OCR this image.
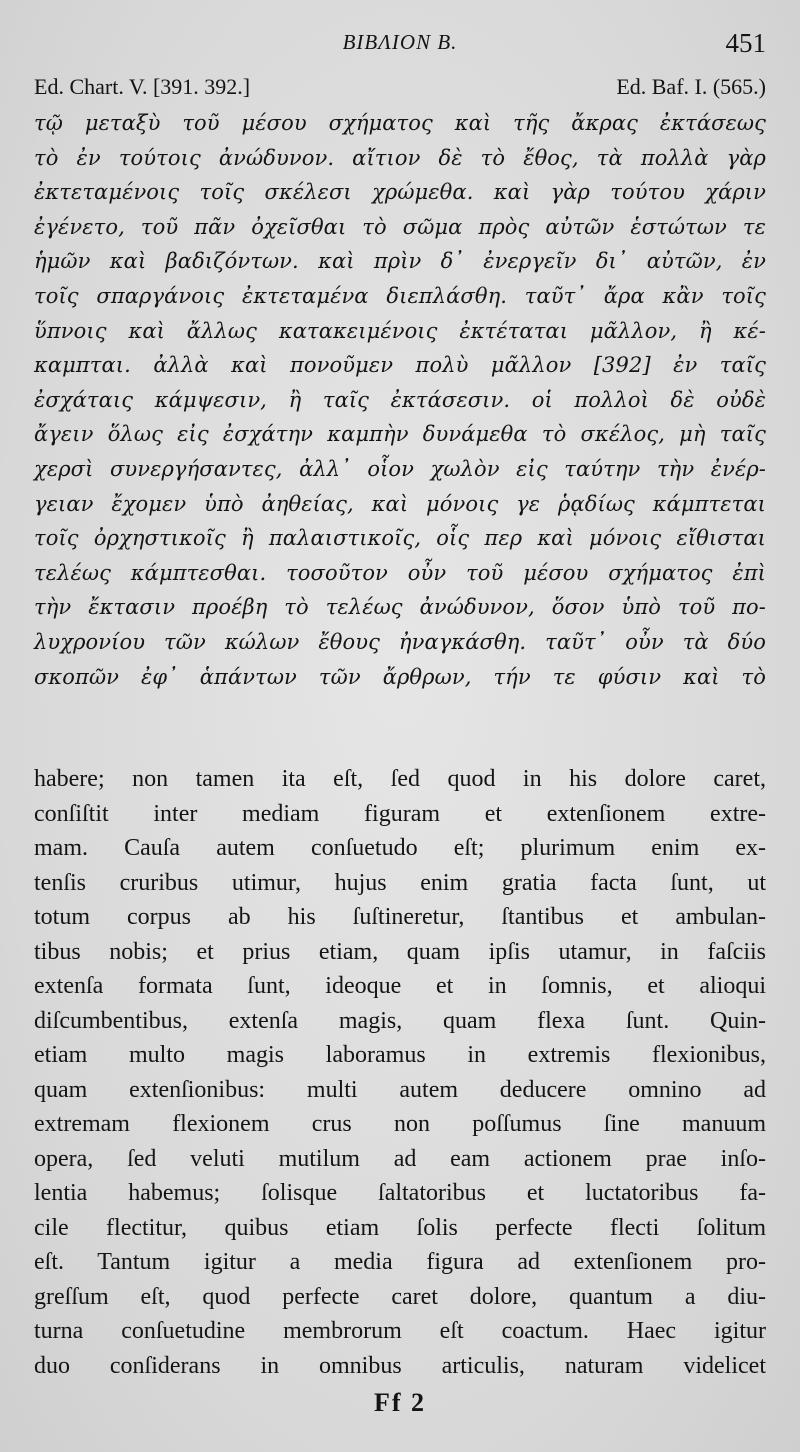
ΒΙΒΛΙΟΝ Β.	451
Ed. Chart. V. [391. 392.]	Ed. Baf. I. (565.)
τῷ μεταξὺ τοῦ μέσου σχήματος καὶ τῆς ἄκρας ἐκτάσεως
τὸ ἐν τούτοις ἀνώδυνον. αἴτιον δὲ τὸ ἔθος, τὰ πολλὰ γὰρ
ἐκτεταμένοις τοῖς σκέλεσι χρώμεθα. καὶ γὰρ τούτου χάριν
ἐγένετο, τοῦ πᾶν ὀχεῖσθαι τὸ σῶμα πρὸς αὐτῶν ἑστώτων τε
ἡμῶν καὶ βαδιζόντων. καὶ πρὶν δ᾽ ἐνεργεῖν δι᾽ αὐτῶν, ἐν
τοῖς σπαργάνοις ἐκτεταμένα διεπλάσθη. ταῦτ᾽ ἄρα κἂν τοῖς
ὕπνοις καὶ ἄλλως κατακειμένοις ἐκτέταται μᾶλλον, ἢ κέ-
καμπται. ἀλλὰ καὶ πονοῦμεν πολὺ μᾶλλον [392] ἐν ταῖς
ἐσχάταις κάμψεσιν, ἢ ταῖς ἐκτάσεσιν. οἱ πολλοὶ δὲ οὐδὲ
ἄγειν ὅλως εἰς ἐσχάτην καμπὴν δυνάμεθα τὸ σκέλος, μὴ ταῖς
χερσὶ συνεργήσαντες, ἀλλ᾽ οἷον χωλὸν εἰς ταύτην τὴν ἐνέρ-
γειαν ἔχομεν ὑπὸ ἀηθείας, καὶ μόνοις γε ῥᾳδίως κάμπτεται
τοῖς ὀρχηστικοῖς ἢ παλαιστικοῖς, οἷς περ καὶ μόνοις εἴθισται
τελέως κάμπτεσθαι. τοσοῦτον οὖν τοῦ μέσου σχήματος ἐπὶ
τὴν ἔκτασιν προέβη τὸ τελέως ἀνώδυνον, ὅσον ὑπὸ τοῦ πο-
λυχρονίου τῶν κώλων ἔθους ἠναγκάσθη. ταῦτ᾽ οὖν τὰ δύο
σκοπῶν ἐφ᾽ ἁπάντων τῶν ἄρθρων, τήν τε φύσιν καὶ τὸ
habere; non tamen ita eſt, ſed quod in his dolore caret,
conſiſtit inter mediam figuram et extenſionem extre-
mam. Cauſa autem conſuetudo eſt; plurimum enim ex-
tenſis cruribus utimur, hujus enim gratia facta ſunt, ut
totum corpus ab his ſuſtineretur, ſtantibus et ambulan-
tibus nobis; et prius etiam, quam ipſis utamur, in faſciis
extenſa formata ſunt, ideoque et in ſomnis, et alioqui
diſcumbentibus, extenſa magis, quam flexa ſunt. Quin-
etiam multo magis laboramus in extremis flexionibus,
quam extenſionibus: multi autem deducere omnino ad
extremam flexionem crus non poſſumus ſine manuum
opera, ſed veluti mutilum ad eam actionem prae inſo-
lentia habemus; ſolisque ſaltatoribus et luctatoribus fa-
cile flectitur, quibus etiam ſolis perfecte flecti ſolitum
eſt. Tantum igitur a media figura ad extenſionem pro-
greſſum eſt, quod perfecte caret dolore, quantum a diu-
turna conſuetudine membrorum eſt coactum. Haec igitur
duo conſiderans in omnibus articulis, naturam videlicet
Ff 2
